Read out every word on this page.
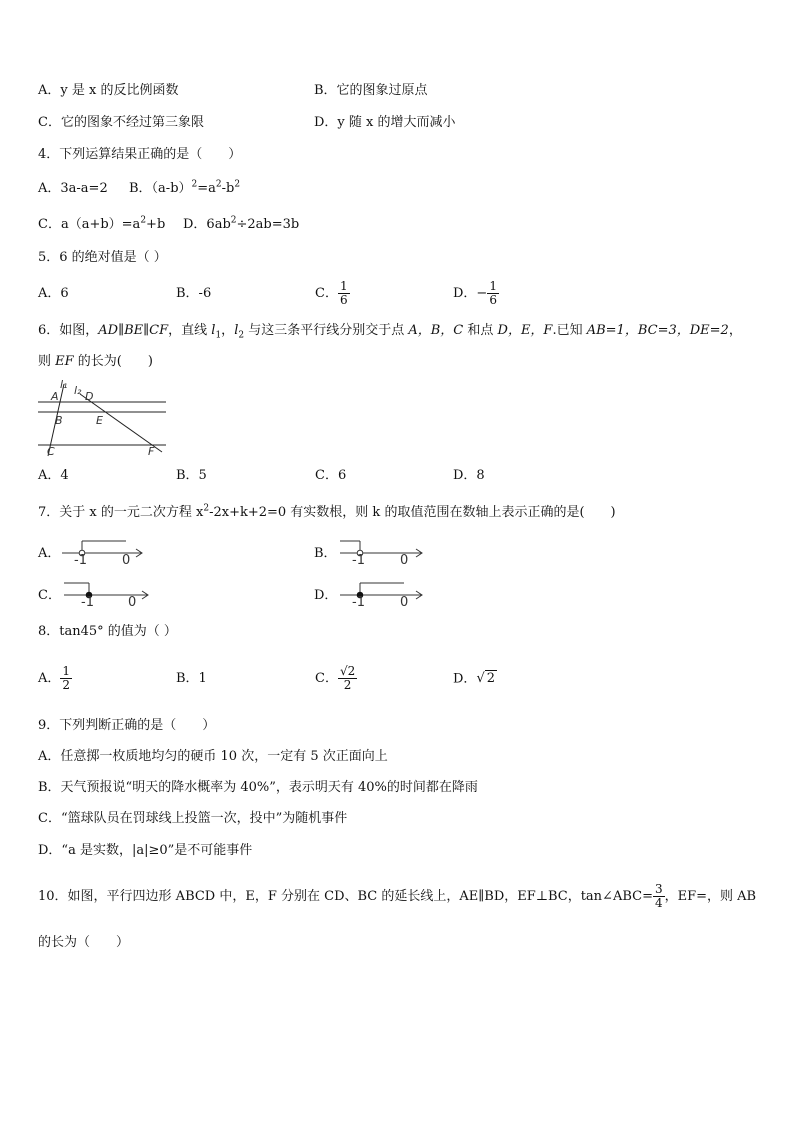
A．y 是 x 的反比例函数	B．它的图象过原点
C．它的图象不经过第三象限	D．y 随 x 的增大而减小
4．下列运算结果正确的是（　　）
A．3a-a=2 B．$(a-b)^2=a^2-b^2$
C．$a(a+b)=a^2+b$ D．$6ab^2\div 2ab=3b$
5．6 的绝对值是（ ）
A．6	B．-6	C． $\frac{1}{6}$	D．− $\frac{1}{6}$
6．如图，AD∥BE∥CF，直线 $l_1$，$l_2$ 与这三条平行线分别交于点 A，B，C 和点 D，E，F.已知 AB=1，BC=3，DE=2，
则 EF 的长为(　　)
l₁ l₂
A D
B	E
C	F
A．4	B．5	C．6	D．8
7．关于 x 的一元二次方程 $x^2-2x+k+2=0$ 有实数根，则 k 的取值范围在数轴上表示正确的是(　　)
A． -1	0	B． -1	0
C． -1	0	D． -1	0
8．tan45° 的值为（ ）
A． $\frac{1}{2}$	B．1	C． $\frac{√2}{2}$	D．√ 2
9．下列判断正确的是（　　）
A．任意掷一枚质地均匀的硬币 10 次，一定有 5 次正面向上
B．天气预报说“明天的降水概率为 40%”，表示明天有 40%的时间都在降雨
C．“篮球队员在罚球线上投篮一次，投中”为随机事件
D．“a 是实数，|a|≥0”是不可能事件
10．如图，平行四边形 ABCD 中，E，F 分别在 CD、BC 的延长线上，AE∥BD，EF⊥BC，tan∠ABC= $\frac{3}{4}$ ，EF=，则 AB
的长为（　　）
